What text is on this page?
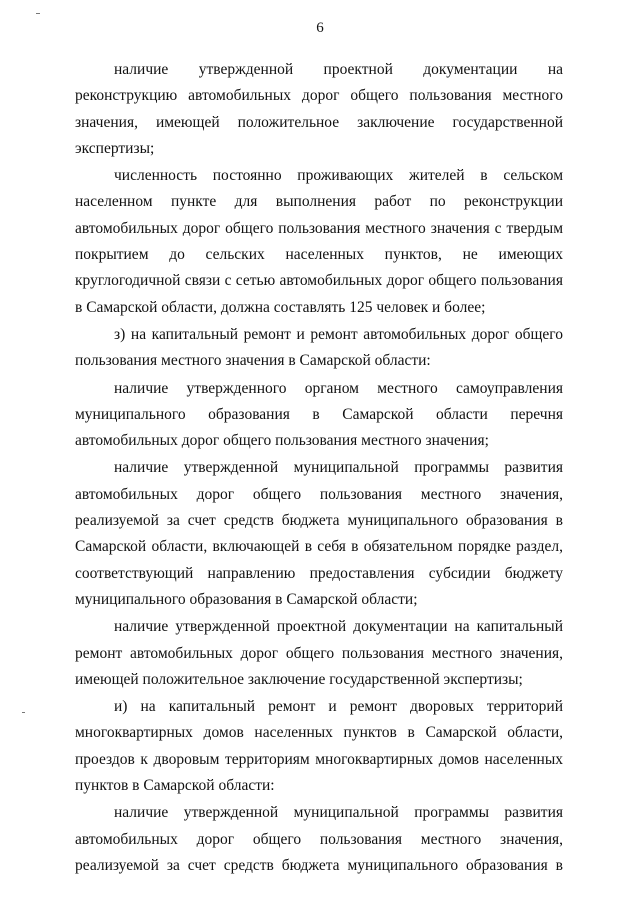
6

наличие утвержденной проектной документации на реконструкцию автомобильных дорог общего пользования местного значения, имеющей положительное заключение государственной экспертизы;

численность постоянно проживающих жителей в сельском населенном пункте для выполнения работ по реконструкции автомобильных дорог общего пользования местного значения с твердым покрытием до сельских населенных пунктов, не имеющих круглогодичной связи с сетью автомобильных дорог общего пользования в Самарской области, должна составлять 125 человек и более;

з) на капитальный ремонт и ремонт автомобильных дорог общего пользования местного значения в Самарской области:

наличие утвержденного органом местного самоуправления муниципального образования в Самарской области перечня автомобильных дорог общего пользования местного значения;

наличие утвержденной муниципальной программы развития автомобильных дорог общего пользования местного значения, реализуемой за счет средств бюджета муниципального образования в Самарской области, включающей в себя в обязательном порядке раздел, соответствующий направлению предоставления субсидии бюджету муниципального образования в Самарской области;

наличие утвержденной проектной документации на капитальный ремонт автомобильных дорог общего пользования местного значения, имеющей положительное заключение государственной экспертизы;

и) на капитальный ремонт и ремонт дворовых территорий многоквартирных домов населенных пунктов в Самарской области, проездов к дворовым территориям многоквартирных домов населенных пунктов в Самарской области:

наличие утвержденной муниципальной программы развития автомобильных дорог общего пользования местного значения, реализуемой за счет средств бюджета муниципального образования в
